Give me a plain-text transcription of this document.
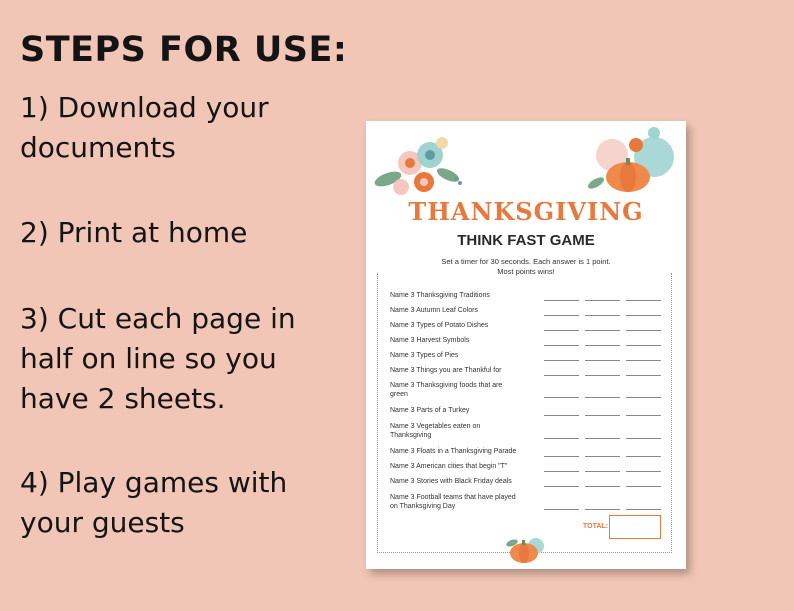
STEPS FOR USE:

1) Download your documents

2) Print at home

3) Cut each page in half on line so you have 2 sheets.

4) Play games with your guests

THANKSGIVING
THINK FAST GAME
Set a timer for 30 seconds. Each answer is 1 point.
Most points wins!
Name 3 Thanksgiving Traditions
Name 3 Autumn Leaf Colors
Name 3 Types of Potato Dishes
Name 3 Harvest Symbols
Name 3 Types of Pies
Name 3 Things you are Thankful for
Name 3 Thanksgiving foods that are green
Name 3 Parts of a Turkey
Name 3 Vegetables eaten on Thanksgiving
Name 3 Floats in a Thanksgiving Parade
Name 3 American cities that begin "T"
Name 3 Stories with Black Friday deals
Name 3 Football teams that have played on Thanksgiving Day
TOTAL:
